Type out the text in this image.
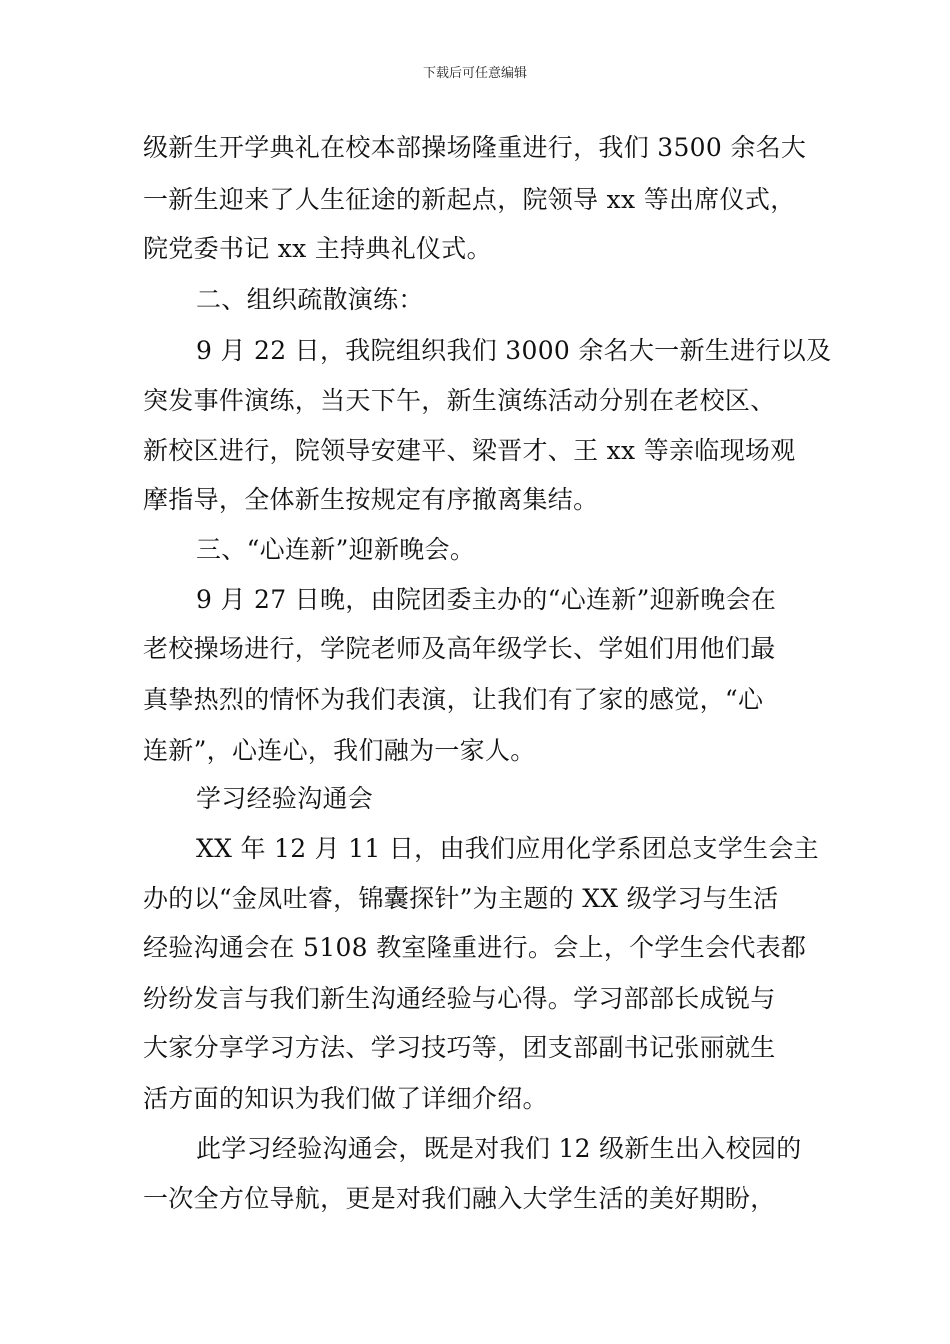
下载后可任意编辑
级新生开学典礼在校本部操场隆重进行，我们 3500 余名大
一新生迎来了人生征途的新起点，院领导 xx 等出席仪式，
院党委书记 xx 主持典礼仪式。
二、组织疏散演练：
9 月 22 日，我院组织我们 3000 余名大一新生进行以及
突发事件演练，当天下午，新生演练活动分别在老校区、
新校区进行，院领导安建平、梁晋才、王 xx 等亲临现场观
摩指导，全体新生按规定有序撤离集结。
三、“心连新”迎新晚会。
9 月 27 日晚，由院团委主办的“心连新”迎新晚会在
老校操场进行，学院老师及高年级学长、学姐们用他们最
真挚热烈的情怀为我们表演，让我们有了家的感觉，“心
连新”，心连心，我们融为一家人。
学习经验沟通会
XX 年 12 月 11 日，由我们应用化学系团总支学生会主
办的以“金凤吐睿，锦囊探针”为主题的 XX 级学习与生活
经验沟通会在 5108 教室隆重进行。会上，个学生会代表都
纷纷发言与我们新生沟通经验与心得。学习部部长成锐与
大家分享学习方法、学习技巧等，团支部副书记张丽就生
活方面的知识为我们做了详细介绍。
此学习经验沟通会，既是对我们 12 级新生出入校园的
一次全方位导航，更是对我们融入大学生活的美好期盼，
